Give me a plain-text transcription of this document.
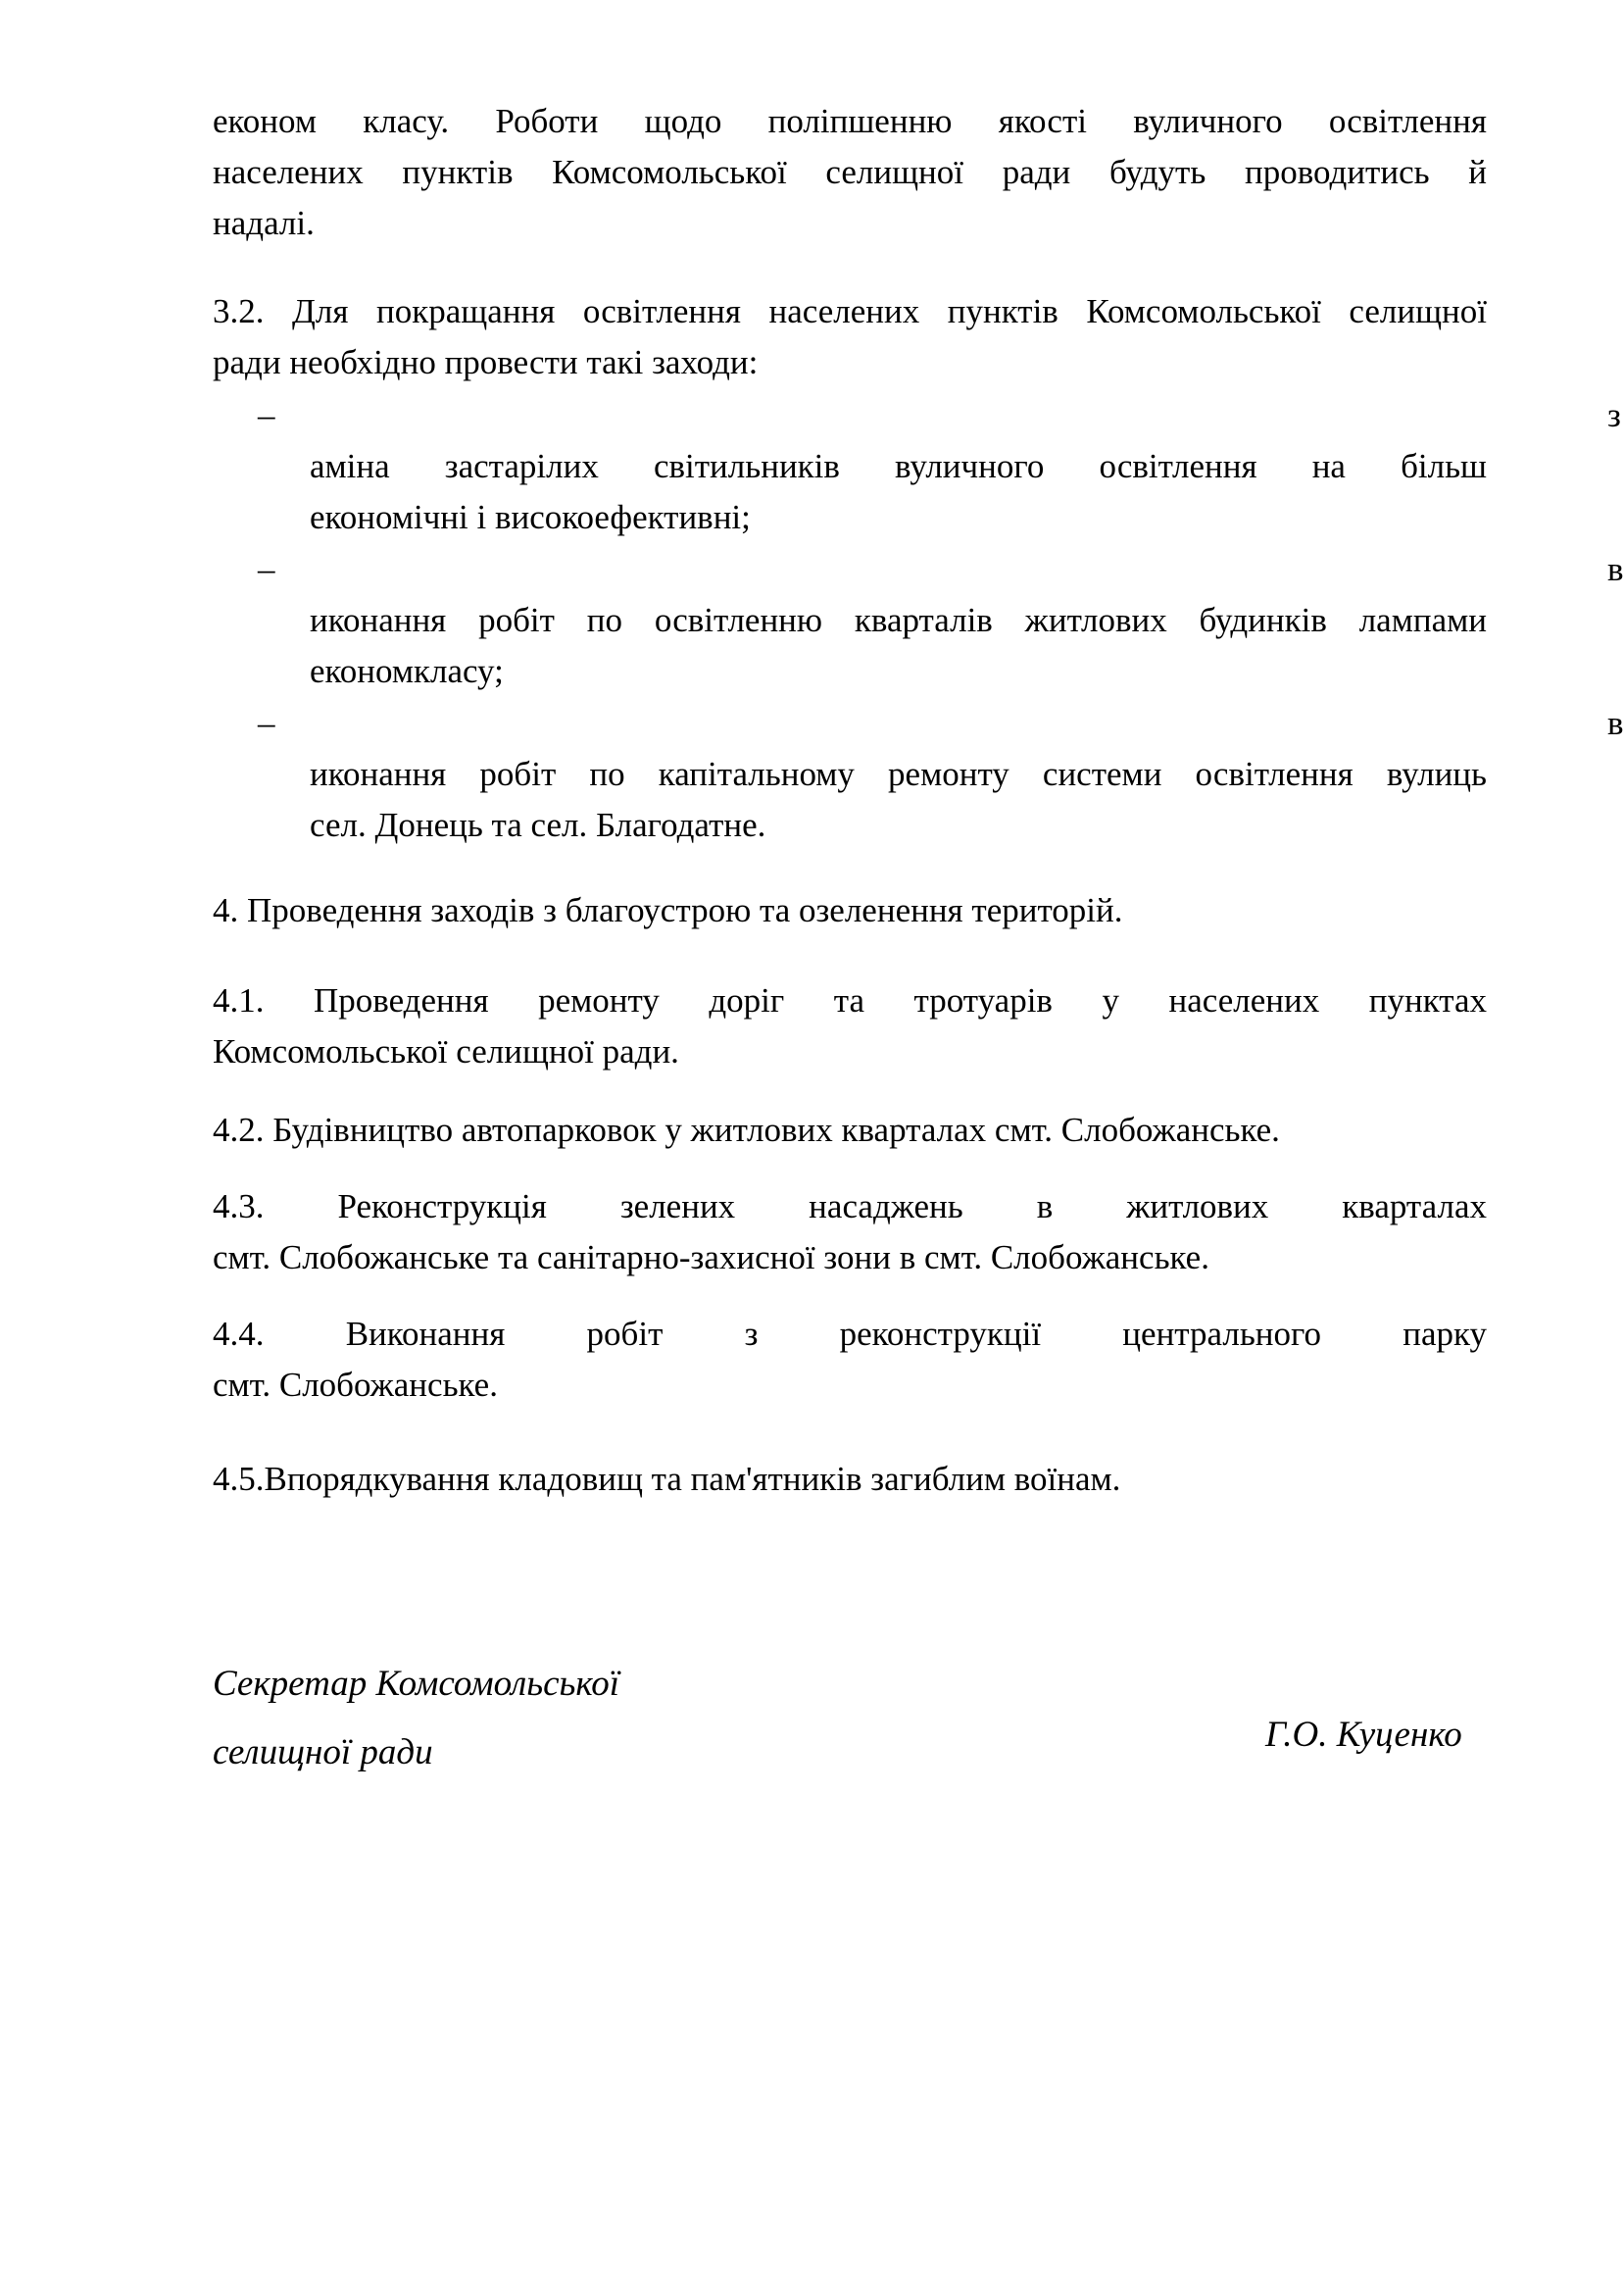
економ класу. Роботи щодо поліпшенню якості вуличного освітлення
населених пунктів Комсомольської селищної ради будуть проводитись й
надалі.
3.2. Для покращання освітлення населених пунктів Комсомольської селищної
ради необхідно провести такі заходи:
–	з
аміна застарілих світильників вуличного освітлення на більш
економічні і високоефективні;
–	в
иконання робіт по освітленню кварталів житлових будинків лампами
економкласу;
–	в
иконання робіт по капітальному ремонту системи освітлення вулиць
сел. Донець та сел. Благодатне.
4. Проведення заходів з благоустрою та озеленення територій.
4.1. Проведення ремонту доріг та тротуарів у населених пунктах
Комсомольської селищної ради.
4.2. Будівництво автопарковок у житлових кварталах смт. Слобожанське.
4.3. Реконструкція зелених насаджень в житлових кварталах
смт. Слобожанське та санітарно-захисної зони в смт. Слобожанське.
4.4. Виконання робіт з реконструкції центрального парку
смт. Слобожанське.
4.5.Впорядкування кладовищ та пам'ятників загиблим воїнам.
Секретар Комсомольської
селищної ради	Г.О. Куценко
